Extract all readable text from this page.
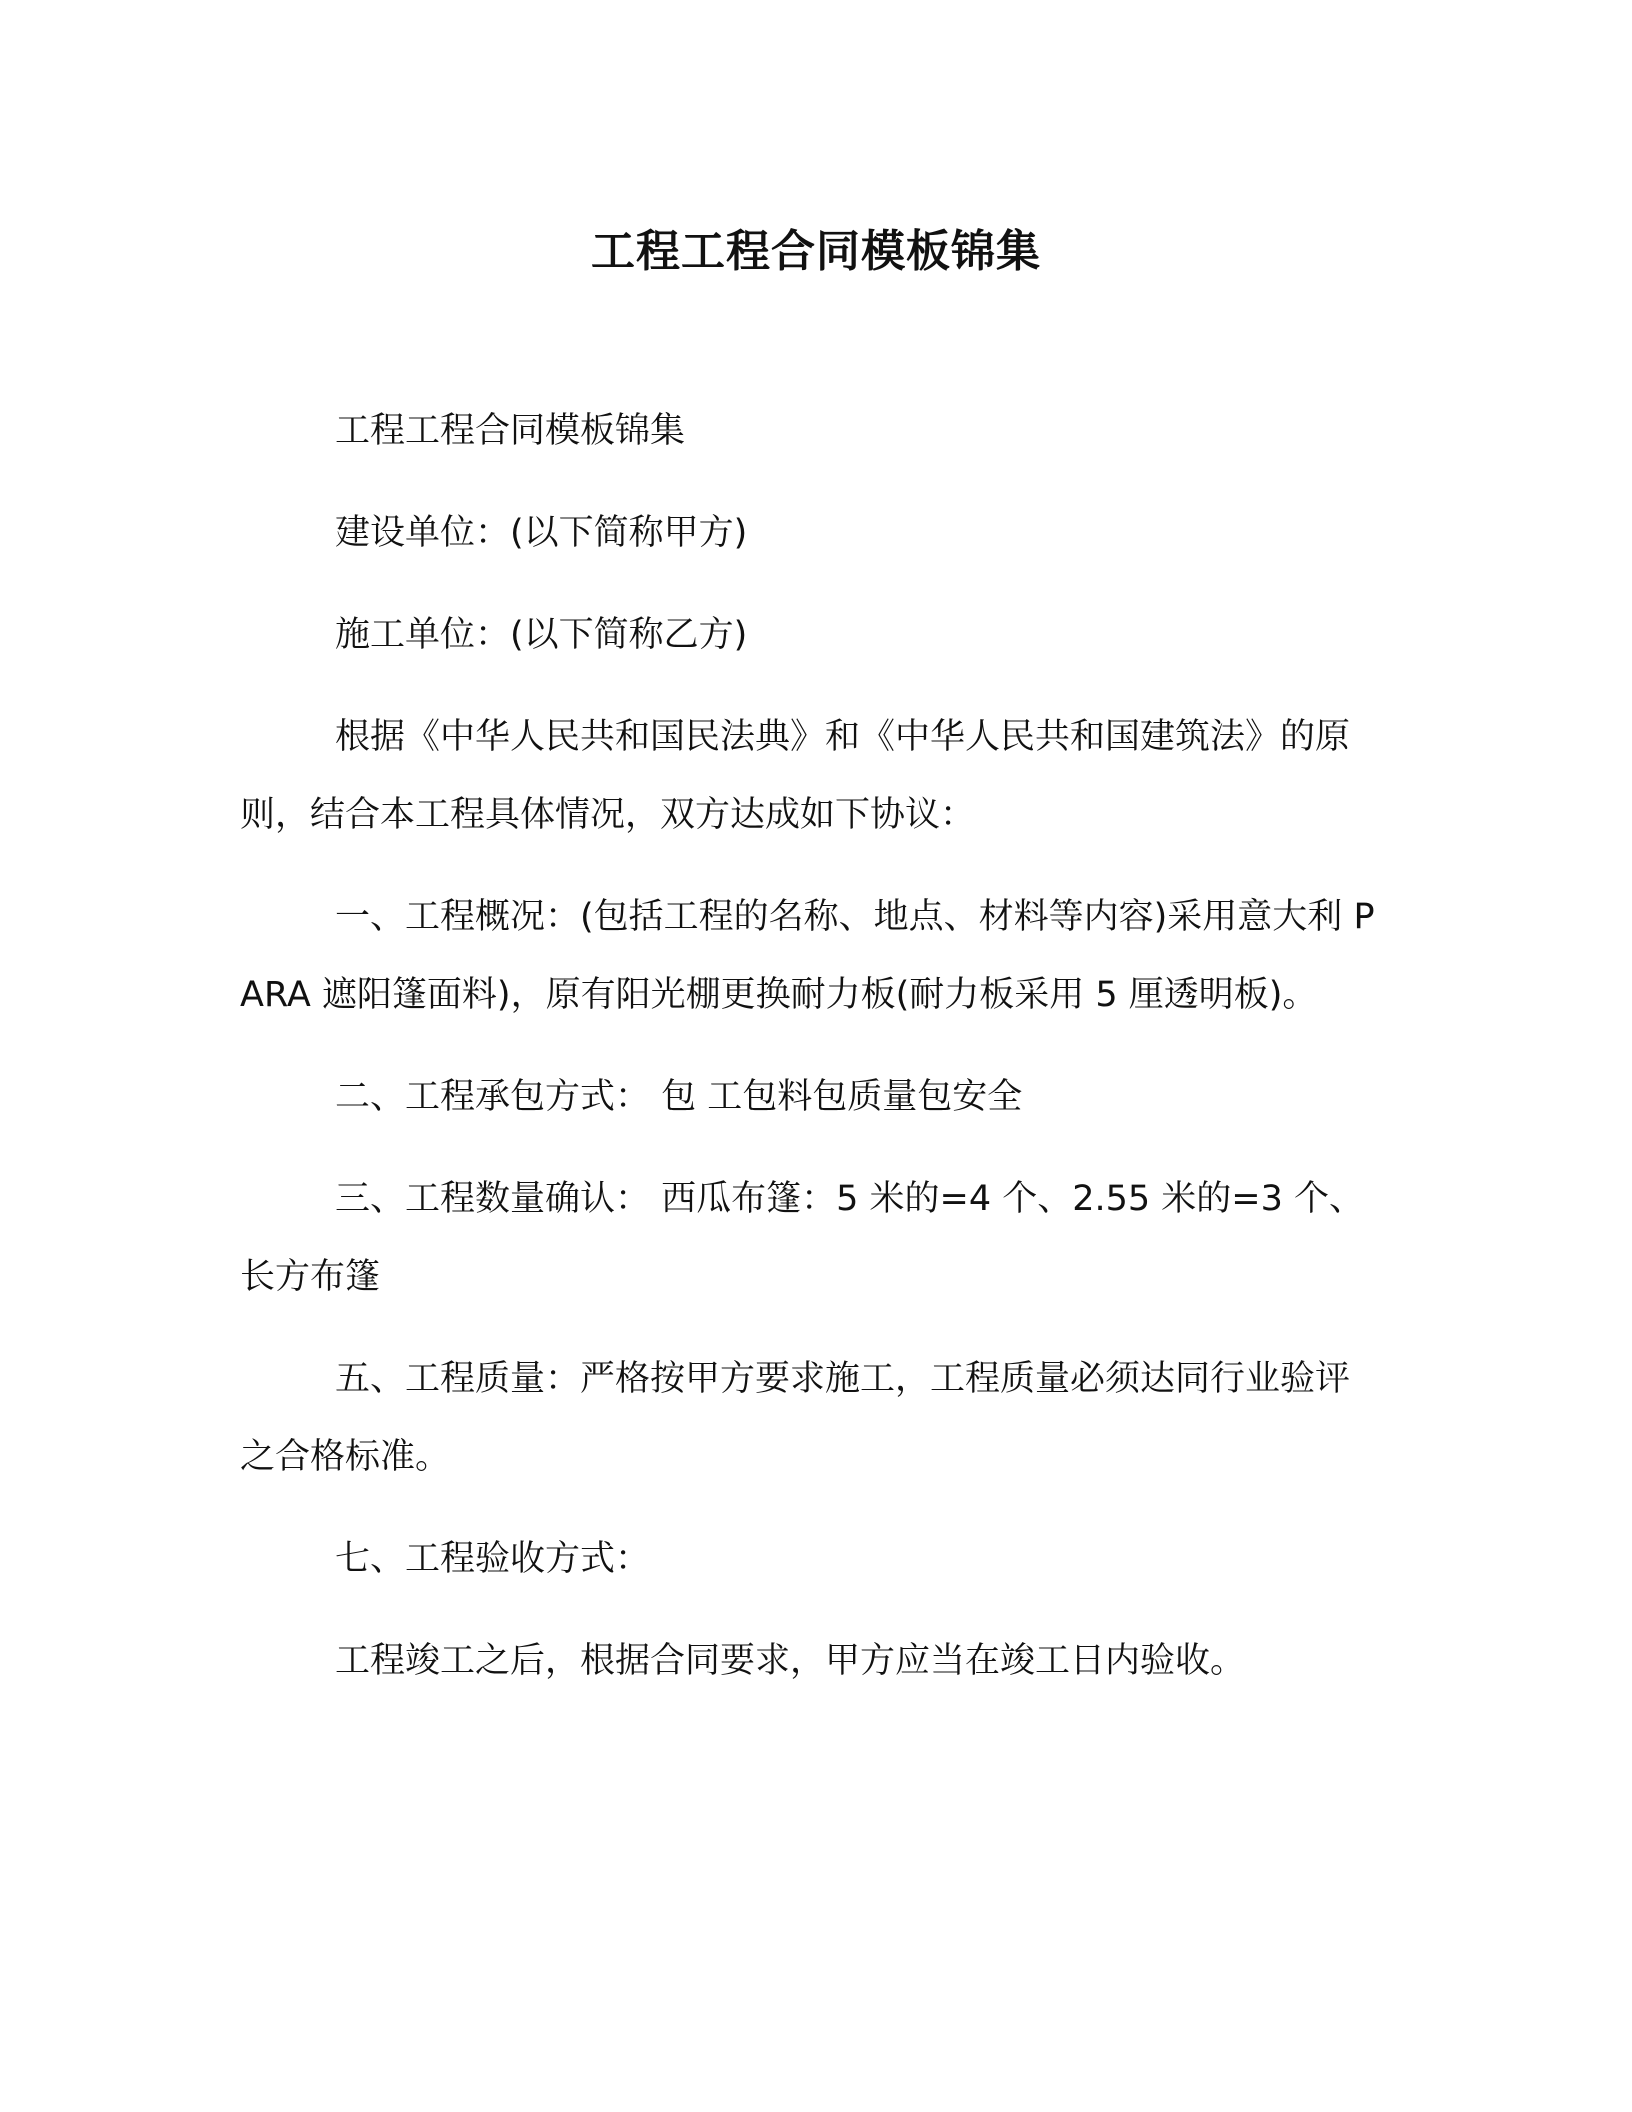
工程工程合同模板锦集

工程工程合同模板锦集

建设单位：(以下简称甲方)

施工单位：(以下简称乙方)

根据《中华人民共和国民法典》和《中华人民共和国建筑法》的原则，结合本工程具体情况，双方达成如下协议：

一、工程概况：(包括工程的名称、地点、材料等内容)采用意大利 PARA 遮阳篷面料)，原有阳光棚更换耐力板(耐力板采用 5 厘透明板)。

二、工程承包方式： 包 工包料包质量包安全

三、工程数量确认： 西瓜布篷：5 米的=4 个、2.55 米的=3 个、长方布篷

五、工程质量：严格按甲方要求施工，工程质量必须达同行业验评之合格标准。

七、工程验收方式：

工程竣工之后，根据合同要求，甲方应当在竣工日内验收。
